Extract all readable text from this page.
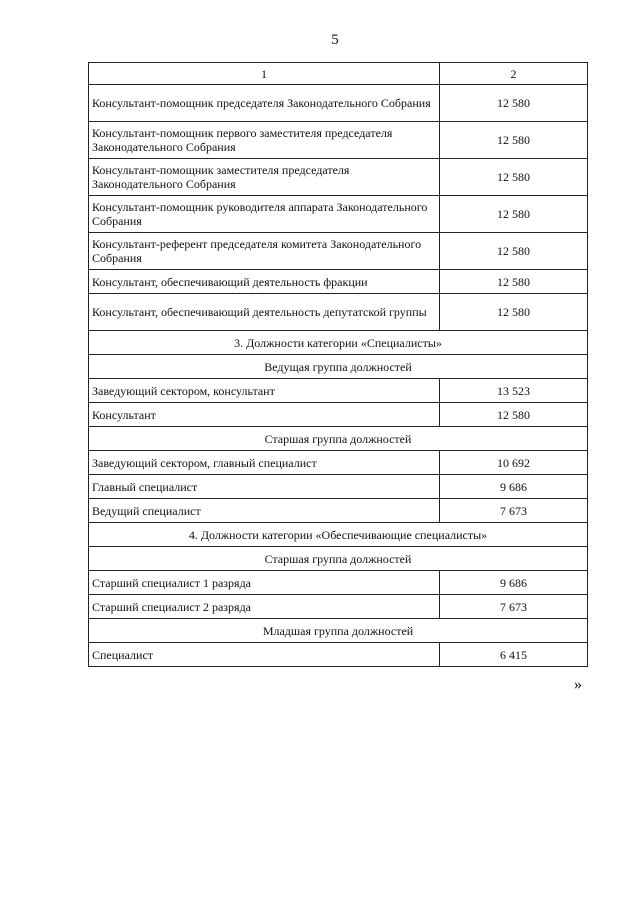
5
1	2
Консультант-помощник председателя Законодательного Собрания	12 580
Консультант-помощник первого заместителя председателя Законодательного Собрания	12 580
Консультант-помощник заместителя председателя Законодательного Собрания	12 580
Консультант-помощник руководителя аппарата Законодательного Собрания	12 580
Консультант-референт председателя комитета Законодательного Собрания	12 580
Консультант, обеспечивающий деятельность фракции	12 580
Консультант, обеспечивающий деятельность депутатской группы	12 580
3. Должности категории «Специалисты»	
Ведущая группа должностей	
Заведующий сектором, консультант	13 523
Консультант	12 580
Старшая группа должностей	
Заведующий сектором, главный специалист	10 692
Главный специалист	9 686
Ведущий специалист	7 673
4. Должности категории «Обеспечивающие специалисты»	
Старшая группа должностей	
Старший специалист 1 разряда	9 686
Старший специалист 2 разряда	7 673
Младшая группа должностей	
Специалист	6 415
»
